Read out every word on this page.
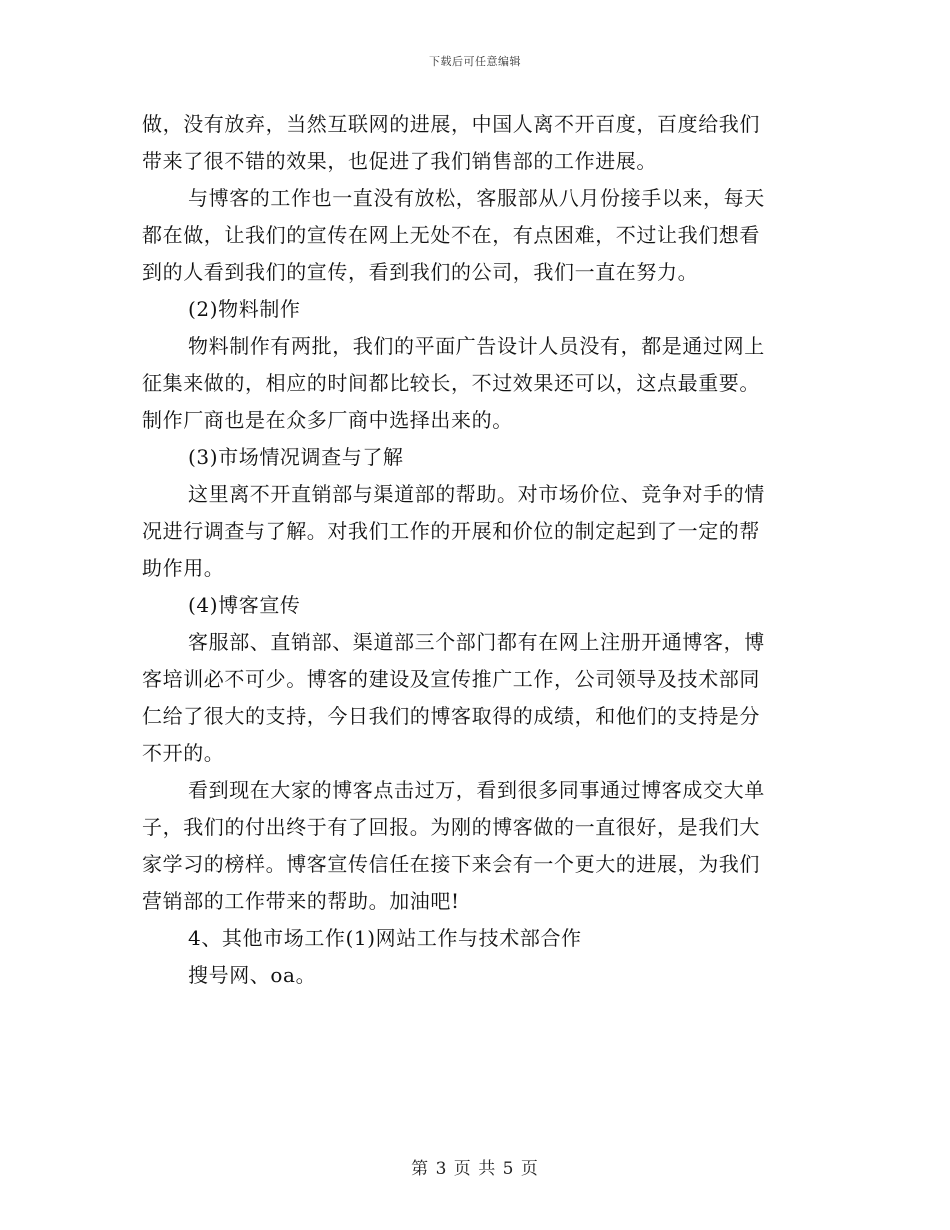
下载后可任意编辑
做，没有放弃，当然互联网的进展，中国人离不开百度，百度给我们
带来了很不错的效果，也促进了我们销售部的工作进展。
与博客的工作也一直没有放松，客服部从八月份接手以来，每天
都在做，让我们的宣传在网上无处不在，有点困难，不过让我们想看
到的人看到我们的宣传，看到我们的公司，我们一直在努力。
(2)物料制作
物料制作有两批，我们的平面广告设计人员没有，都是通过网上
征集来做的，相应的时间都比较长，不过效果还可以，这点最重要。
制作厂商也是在众多厂商中选择出来的。
(3)市场情况调查与了解
这里离不开直销部与渠道部的帮助。对市场价位、竞争对手的情
况进行调查与了解。对我们工作的开展和价位的制定起到了一定的帮
助作用。
(4)博客宣传
客服部、直销部、渠道部三个部门都有在网上注册开通博客，博
客培训必不可少。博客的建设及宣传推广工作，公司领导及技术部同
仁给了很大的支持，今日我们的博客取得的成绩，和他们的支持是分
不开的。
看到现在大家的博客点击过万，看到很多同事通过博客成交大单
子，我们的付出终于有了回报。为刚的博客做的一直很好，是我们大
家学习的榜样。博客宣传信任在接下来会有一个更大的进展，为我们
营销部的工作带来的帮助。加油吧!
4、其他市场工作(1)网站工作与技术部合作
搜号网、oa。
第 3 页 共 5 页
